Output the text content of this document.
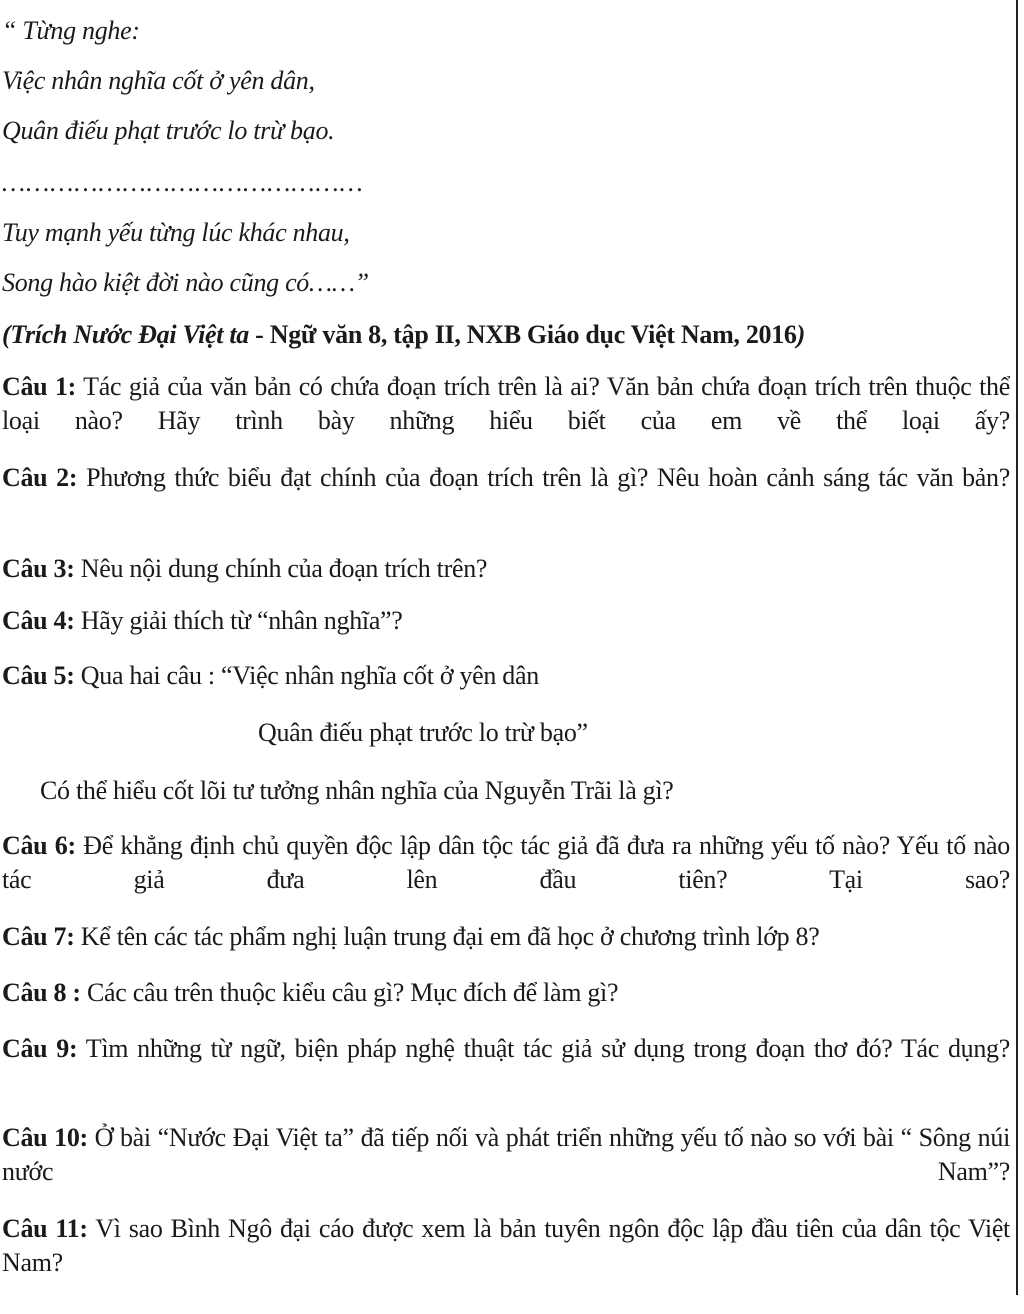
“ Từng nghe:
Việc nhân nghĩa cốt ở yên dân,
Quân điếu phạt trước lo trừ bạo.
………………………………………
Tuy mạnh yếu từng lúc khác nhau,
Song hào kiệt đời nào cũng có……”
(Trích Nước Đại Việt ta - Ngữ văn 8, tập II, NXB Giáo dục Việt Nam, 2016)
Câu 1: Tác giả của văn bản có chứa đoạn trích trên là ai? Văn bản chứa đoạn trích trên thuộc thể loại nào? Hãy trình bày những hiểu biết của em về thể loại ấy?
Câu 2: Phương thức biểu đạt chính của đoạn trích trên là gì? Nêu hoàn cảnh sáng tác văn bản?
Câu 3: Nêu nội dung chính của đoạn trích trên?
Câu 4: Hãy giải thích từ “nhân nghĩa”?
Câu 5: Qua hai câu : “Việc nhân nghĩa cốt ở yên dân
Quân điếu phạt trước lo trừ bạo”
Có thể hiểu cốt lõi tư tưởng nhân nghĩa của Nguyễn Trãi là gì?
Câu 6: Để khẳng định chủ quyền độc lập dân tộc tác giả đã đưa ra những yếu tố nào? Yếu tố nào tác giả đưa lên đầu tiên? Tại sao?
Câu 7: Kể tên các tác phẩm nghị luận trung đại em đã học ở chương trình lớp 8?
Câu 8 : Các câu trên thuộc kiểu câu gì? Mục đích để làm gì?
Câu 9: Tìm những từ ngữ, biện pháp nghệ thuật tác giả sử dụng trong đoạn thơ đó? Tác dụng?
Câu 10: Ở bài “Nước Đại Việt ta” đã tiếp nối và phát triển những yếu tố nào so với bài “ Sông núi nước Nam”?
Câu 11: Vì sao Bình Ngô đại cáo được xem là bản tuyên ngôn độc lập đầu tiên của dân tộc Việt Nam?
